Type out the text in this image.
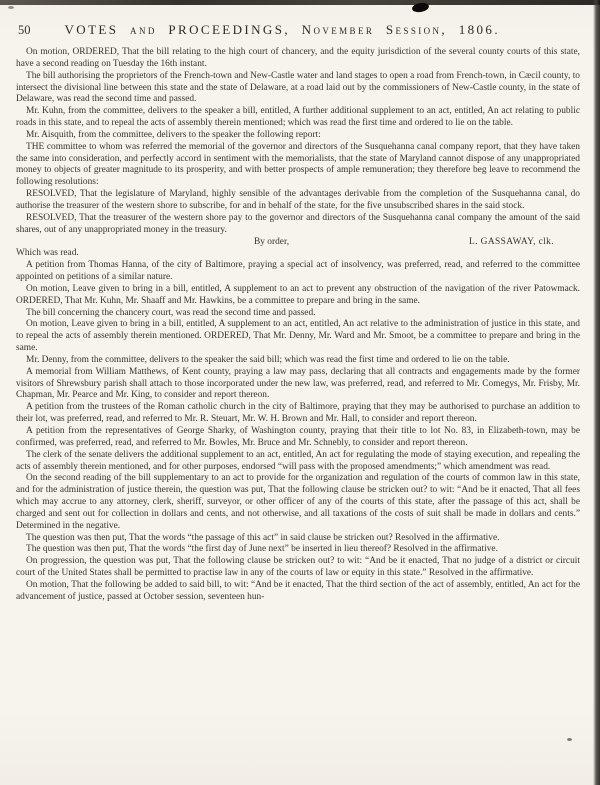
50	VOTES and PROCEEDINGS, November Session, 1806.

On motion, ORDERED, That the bill relating to the high court of chancery, and the equity jurisdiction of the several county courts of this state, have a second reading on Tuesday the 16th instant.

The bill authorising the proprietors of the French-town and New-Castle water and land stages to open a road from French-town, in Cæcil county, to intersect the divisional line between this state and the state of Delaware, at a road laid out by the commissioners of New-Castle county, in the state of Delaware, was read the second time and passed.

Mr. Kuhn, from the committee, delivers to the speaker a bill, entitled, A further additional supplement to an act, entitled, An act relating to public roads in this state, and to repeal the acts of assembly therein mentioned; which was read the first time and ordered to lie on the table.

Mr. Aisquith, from the committee, delivers to the speaker the following report:

THE committee to whom was referred the memorial of the governor and directors of the Susquehanna canal company report, that they have taken the same into consideration, and perfectly accord in sentiment with the memorialists, that the state of Maryland cannot dispose of any unappropriated money to objects of greater magnitude to its prosperity, and with better prospects of ample remuneration; they therefore beg leave to recommend the following resolutions:

RESOLVED, That the legislature of Maryland, highly sensible of the advantages derivable from the completion of the Susquehanna canal, do authorise the treasurer of the western shore to subscribe, for and in behalf of the state, for the five unsubscribed shares in the said stock.

RESOLVED, That the treasurer of the western shore pay to the governor and directors of the Susquehanna canal company the amount of the said shares, out of any unappropriated money in the treasury.

By order,	L. GASSAWAY, clk.

Which was read.

A petition from Thomas Hanna, of the city of Baltimore, praying a special act of insolvency, was preferred, read, and referred to the committee appointed on petitions of a similar nature.

On motion, Leave given to bring in a bill, entitled, A supplement to an act to prevent any obstruction of the navigation of the river Patowmack. ORDERED, That Mr. Kuhn, Mr. Shaaff and Mr. Hawkins, be a committee to prepare and bring in the same.

The bill concerning the chancery court, was read the second time and passed.

On motion, Leave given to bring in a bill, entitled, A supplement to an act, entitled, An act relative to the administration of justice in this state, and to repeal the acts of assembly therein mentioned. ORDERED, That Mr. Denny, Mr. Ward and Mr. Smoot, be a committee to prepare and bring in the same.

Mr. Denny, from the committee, delivers to the speaker the said bill; which was read the first time and ordered to lie on the table.

A memorial from William Matthews, of Kent county, praying a law may pass, declaring that all contracts and engagements made by the former visitors of Shrewsbury parish shall attach to those incorporated under the new law, was preferred, read, and referred to Mr. Comegys, Mr. Frisby, Mr. Chapman, Mr. Pearce and Mr. King, to consider and report thereon.

A petition from the trustees of the Roman catholic church in the city of Baltimore, praying that they may be authorised to purchase an addition to their lot, was preferred, read, and referred to Mr. R. Steuart, Mr. W. H. Brown and Mr. Hall, to consider and report thereon.

A petition from the representatives of George Sharky, of Washington county, praying that their title to lot No. 83, in Elizabeth-town, may be confirmed, was preferred, read, and referred to Mr. Bowles, Mr. Bruce and Mr. Schnebly, to consider and report thereon.

The clerk of the senate delivers the additional supplement to an act, entitled, An act for regulating the mode of staying execution, and repealing the acts of assembly therein mentioned, and for other purposes, endorsed “will pass with the proposed amendments;” which amendment was read.

On the second reading of the bill supplementary to an act to provide for the organization and regulation of the courts of common law in this state, and for the administration of justice therein, the question was put, That the following clause be stricken out? to wit: “And be it enacted, That all fees which may accrue to any attorney, clerk, sheriff, surveyor, or other officer of any of the courts of this state, after the passage of this act, shall be charged and sent out for collection in dollars and cents, and not otherwise, and all taxations of the costs of suit shall be made in dollars and cents.” Determined in the negative.

The question was then put, That the words “the passage of this act” in said clause be stricken out? Resolved in the affirmative.

The question was then put, That the words “the first day of June next” be inserted in lieu thereof? Resolved in the affirmative.

On progression, the question was put, That the following clause be stricken out? to wit: “And be it enacted, That no judge of a district or circuit court of the United States shall be permitted to practise law in any of the courts of law or equity in this state.” Resolved in the affirmative.

On motion, That the following be added to said bill, to wit: “And be it enacted, That the third section of the act of assembly, entitled, An act for the advancement of justice, passed at October session, seventeen hun-
